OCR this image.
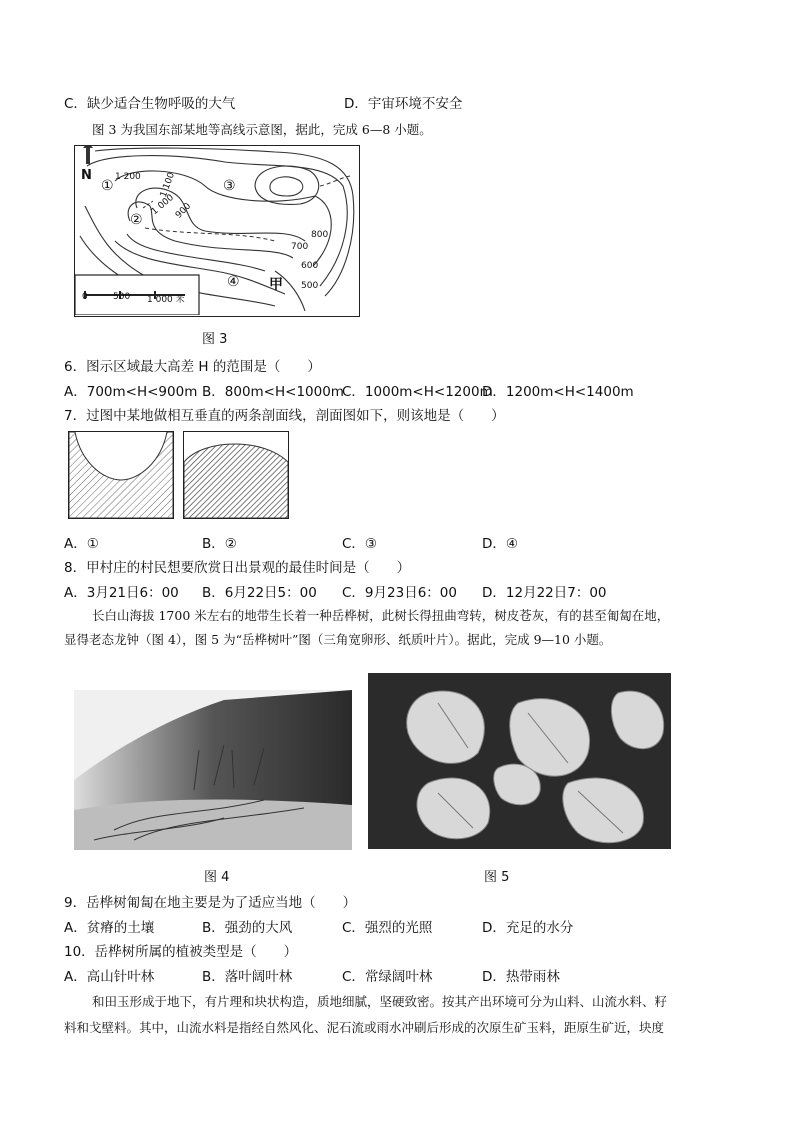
C．缺少适合生物呼吸的大气	D．宇宙环境不安全
图 3 为我国东部某地等高线示意图，据此，完成 6—8 小题。
N
①
②
③
④ 甲
1 200 1 100
1 000
900
800
700
600
500
0	500 1 000 米
图 3
6．图示区域最大高差 H 的范围是（　　）
A．700m<H<900m B．800m<H<1000m
C．1000m<H<1200m
D．1200m<H<1400m
7．过图中某地做相互垂直的两条剖面线，剖面图如下，则该地是（　　）
A．①	B．②	C．③	D．④
8．甲村庄的村民想要欣赏日出景观的最佳时间是（　　）
A．3月21日6：00 B．6月22日5：00 C．9月23日6：00 D．12月22日7：00
长白山海拔 1700 米左右的地带生长着一种岳桦树，此树长得扭曲弯转，树皮苍灰，有的甚至匍匐在地，
显得老态龙钟（图 4），图 5 为“岳桦树叶”图（三角宽卵形、纸质叶片）。据此，完成 9—10 小题。
图 4	图 5
9．岳桦树匍匐在地主要是为了适应当地（　　）
A．贫瘠的土壤	B．强劲的大风	C．强烈的光照	D．充足的水分
10．岳桦树所属的植被类型是（　　）
A．高山针叶林	B．落叶阔叶林	C．常绿阔叶林	D．热带雨林
和田玉形成于地下，有片理和块状构造，质地细腻，坚硬致密。按其产出环境可分为山料、山流水料、籽
料和戈壁料。其中，山流水料是指经自然风化、泥石流或雨水冲刷后形成的次原生矿玉料，距原生矿近，块度
